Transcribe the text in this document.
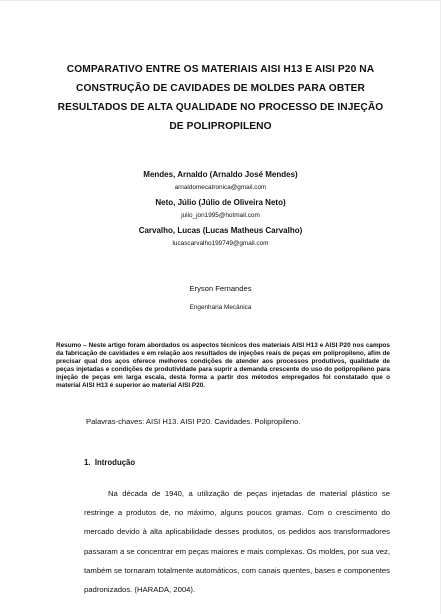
COMPARATIVO ENTRE OS MATERIAIS AISI H13 E AISI P20 NA CONSTRUÇÃO DE CAVIDADES DE MOLDES PARA OBTER RESULTADOS DE ALTA QUALIDADE NO PROCESSO DE INJEÇÃO DE POLIPROPILENO

Mendes, Arnaldo (Arnaldo José Mendes)

arnaldomecatronica@gmail.com

Neto, Júlio (Júlio de Oliveira Neto)

julio_jon1995@hotmail.com

Carvalho, Lucas (Lucas Matheus Carvalho)

lucascarvalho199749@gmail.com

Eryson Fernandes

Engenharia Mecânica

Resumo – Neste artigo foram abordados os aspectos técnicos dos materiais AISI H13 e AISI P20 nos campos da fabricação de cavidades e em relação aos resultados de injeções reais de peças em polipropileno, afim de precisar qual dos aços oferece melhores condições de atender aos processos produtivos, qualidade de peças injetadas e condições de produtividade para suprir a demanda crescente do uso do polipropileno para injeção de peças em larga escala, desta forma a partir dos métodos empregados foi constatado que o material AISI H13 é superior ao material AISI P20.

Palavras-chaves: AISI H13. AISI P20. Cavidades. Polipropileno.

1. Introdução

Na década de 1940, a utilização de peças injetadas de material plástico se restringe a produtos de, no máximo, alguns poucos gramas. Com o crescimento do mercado devido à alta aplicabilidade desses produtos, os pedidos aos transformadores passaram a se concentrar em peças maiores e mais complexas. Os moldes, por sua vez, também se tornaram totalmente automáticos, com canais quentes, bases e componentes padronizados. (HARADA, 2004).
